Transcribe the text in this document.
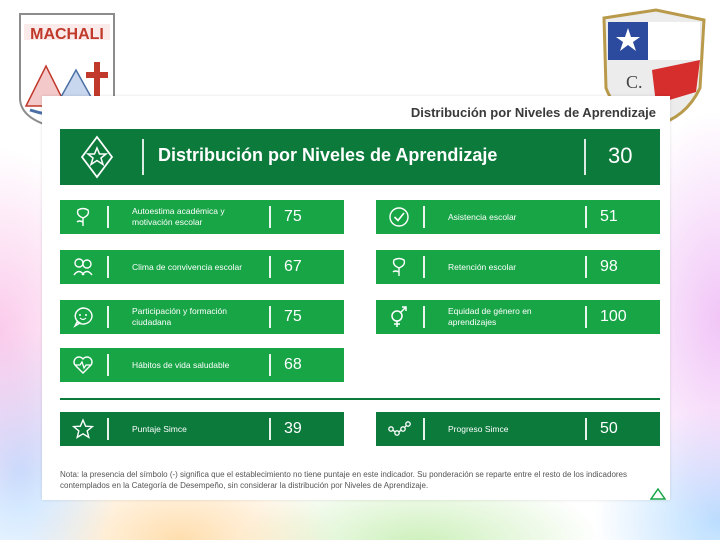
MACHALI
C.
Distribución por Niveles de Aprendizaje
Distribución por Niveles de Aprendizaje	30
Autoestima académica y motivación escolar	75
Clima de convivencia escolar	67
Participación y formación ciudadana	75
Hábitos de vida saludable	68
Asistencia escolar	51
Retención escolar	98
Equidad de género en aprendizajes	100
Puntaje Simce	39	Progreso Simce	50
Nota: la presencia del símbolo (-) significa que el establecimiento no tiene puntaje en este indicador. Su ponderación se reparte entre el resto de los indicadores contemplados en la Categoría de Desempeño, sin considerar la distribución por Niveles de Aprendizaje.
